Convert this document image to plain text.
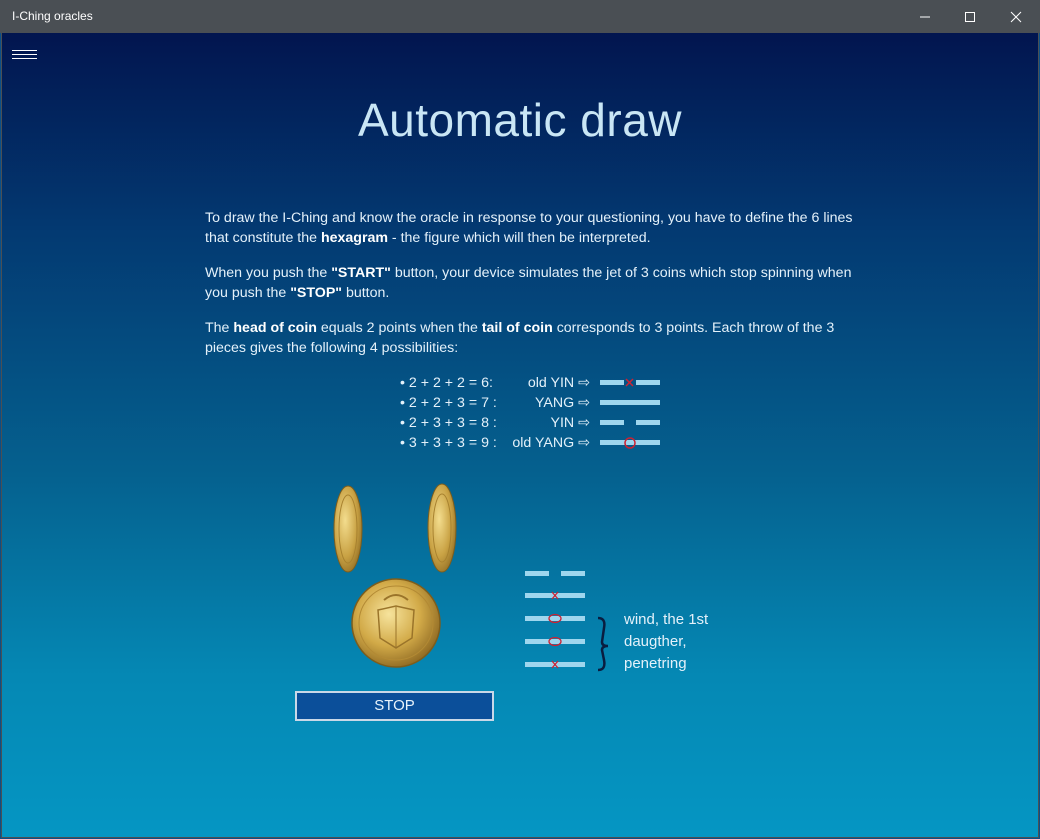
I-Ching oracles
Automatic draw

To draw the I-Ching and know the oracle in response to your questioning, you have to define the 6 lines that constitute the hexagram - the figure which will then be interpreted.

When you push the "START" button, your device simulates the jet of 3 coins which stop spinning when you push the "STOP" button.

The head of coin equals 2 points when the tail of coin corresponds to 3 points. Each throw of the 3 pieces gives the following 4 possibilities:

• 2 + 2 + 2 = 6: old YIN ⇨
• 2 + 2 + 3 = 7 :	YANG ⇨
• 2 + 3 + 3 = 8 :	YIN ⇨
• 3 + 3 + 3 = 9 : old YANG ⇨
STOP
wind, the 1st daugther, penetring
